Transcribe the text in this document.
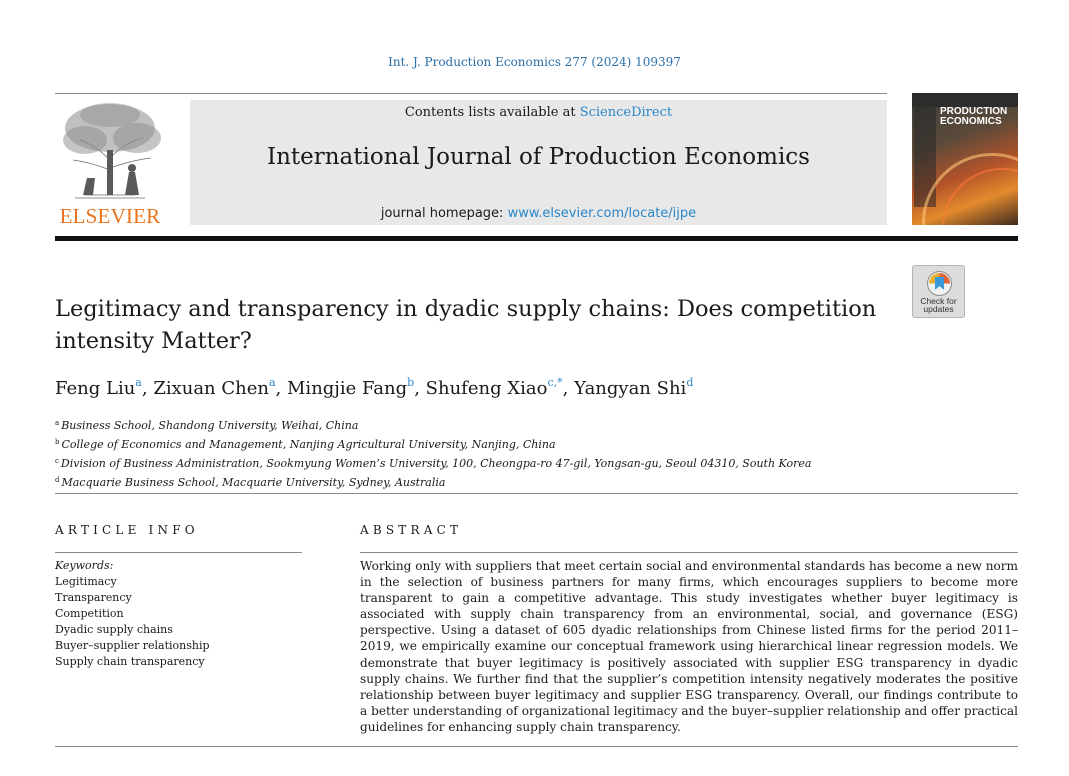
Int. J. Production Economics 277 (2024) 109397
ELSEVIER
Contents lists available at ScienceDirect
International Journal of Production Economics
journal homepage: www.elsevier.com/locate/ijpe
PRODUCTION
ECONOMICS
Check for
updates
Legitimacy and transparency in dyadic supply chains: Does competition intensity Matter?
Feng Liu$^a$, Zixuan Chen$^a$, Mingjie Fang$^b$, Shufeng Xiao$^{c,*}$, Yangyan Shi$^d$
$^a$ Business School, Shandong University, Weihai, China
$^b$ College of Economics and Management, Nanjing Agricultural University, Nanjing, China
$^c$ Division of Business Administration, Sookmyung Women’s University, 100, Cheongpa-ro 47-gil, Yongsan-gu, Seoul 04310, South Korea
$^d$ Macquarie Business School, Macquarie University, Sydney, Australia
ARTICLE INFO
Keywords:
Legitimacy
Transparency
Competition
Dyadic supply chains
Buyer–supplier relationship
Supply chain transparency
ABSTRACT

Working only with suppliers that meet certain social and environmental standards has become a new norm in the selection of business partners for many firms, which encourages suppliers to become more transparent to gain a competitive advantage. This study investigates whether buyer legitimacy is associated with supply chain transparency from an environmental, social, and governance (ESG) perspective. Using a dataset of 605 dyadic relationships from Chinese listed firms for the period 2011–2019, we empirically examine our conceptual framework using hierarchical linear regression models. We demonstrate that buyer legitimacy is positively associated with supplier ESG transparency in dyadic supply chains. We further find that the supplier’s competition intensity negatively moderates the positive relationship between buyer legitimacy and supplier ESG transparency. Overall, our findings contribute to a better understanding of organizational legitimacy and the buyer–supplier relationship and offer practical guidelines for enhancing supply chain transparency.
